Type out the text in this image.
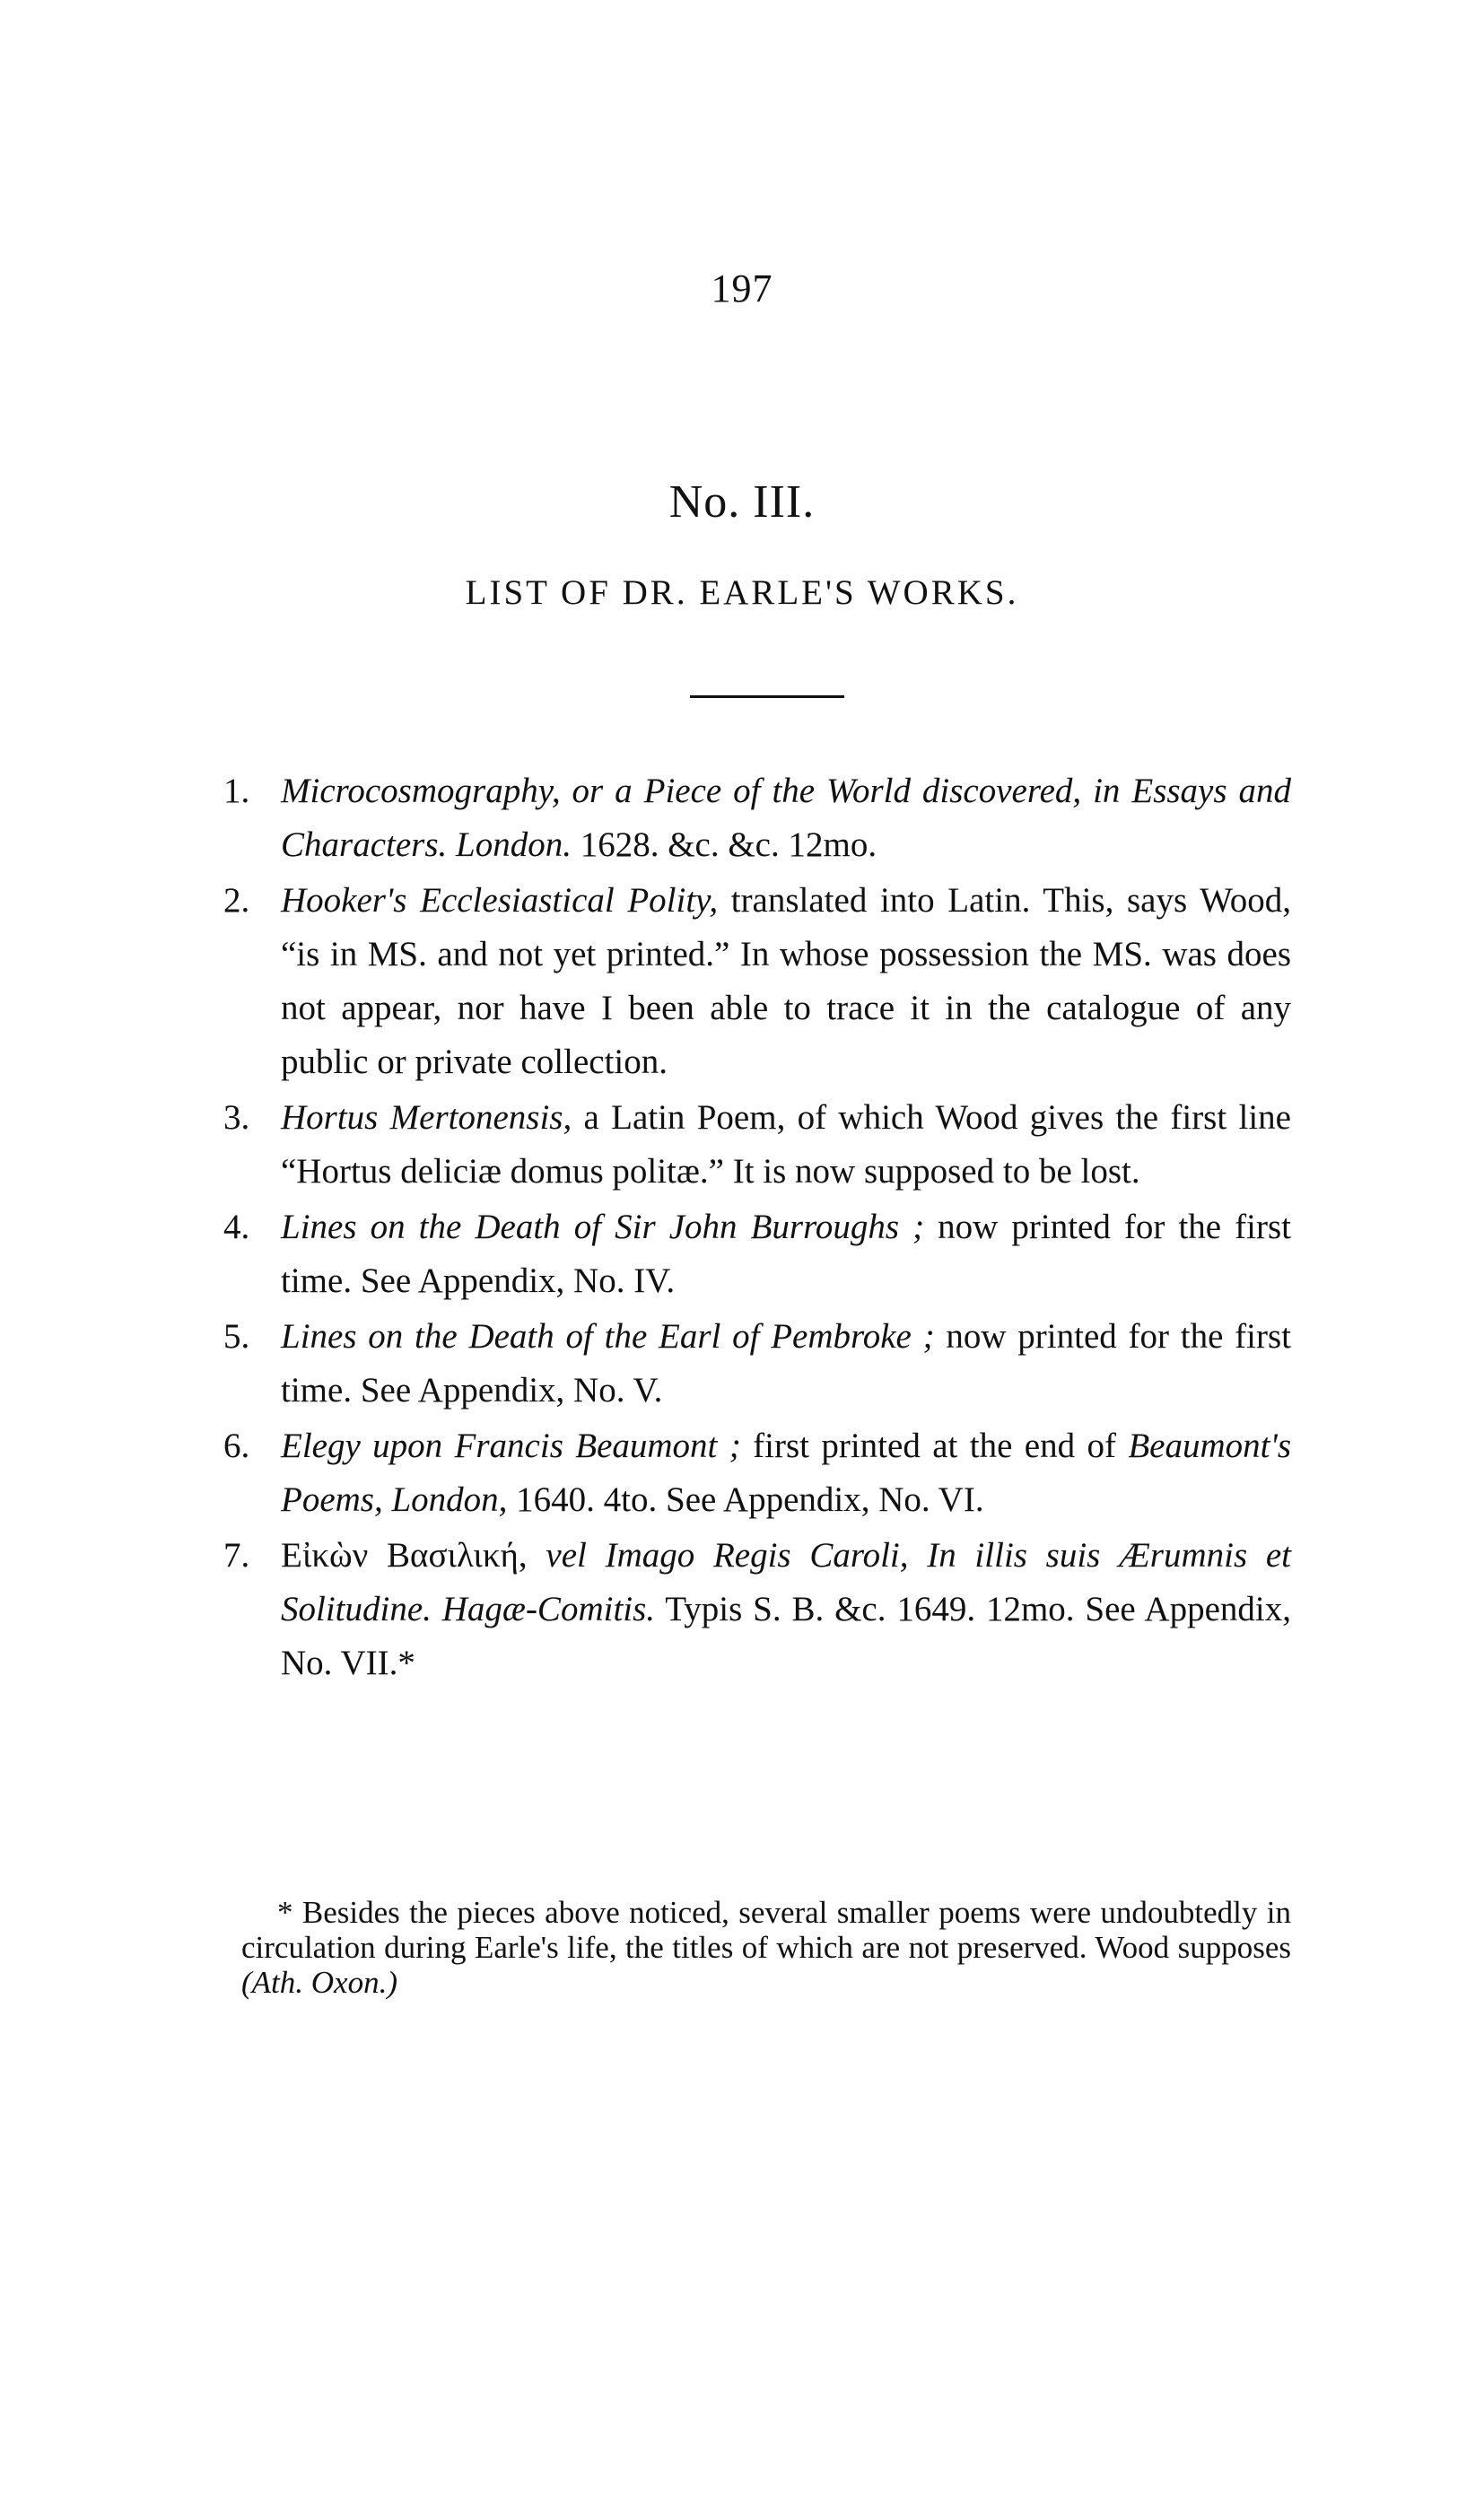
197
No. III.
LIST OF DR. EARLE'S WORKS.
1. Microcosmography, or a Piece of the World discovered, in Essays and Characters. London. 1628. &c. &c. 12mo.
2. Hooker's Ecclesiastical Polity, translated into Latin. This, says Wood, “is in MS. and not yet printed.” In whose possession the MS. was does not appear, nor have I been able to trace it in the catalogue of any public or private collection.
3. Hortus Mertonensis, a Latin Poem, of which Wood gives the first line “Hortus deliciæ domus politæ.” It is now supposed to be lost.
4. Lines on the Death of Sir John Burroughs ; now printed for the first time. See Appendix, No. IV.
5. Lines on the Death of the Earl of Pembroke ; now printed for the first time. See Appendix, No. V.
6. Elegy upon Francis Beaumont ; first printed at the end of Beaumont's Poems, London, 1640. 4to. See Appendix, No. VI.
7. Εἰκὼν Βασιλική, vel Imago Regis Caroli, In illis suis Ærumnis et Solitudine. Hagæ-Comitis. Typis S. B. &c. 1649. 12mo. See Appendix, No. VII.*

* Besides the pieces above noticed, several smaller poems were undoubtedly in circulation during Earle's life, the titles of which are not preserved. Wood supposes (Ath. Oxon.)
